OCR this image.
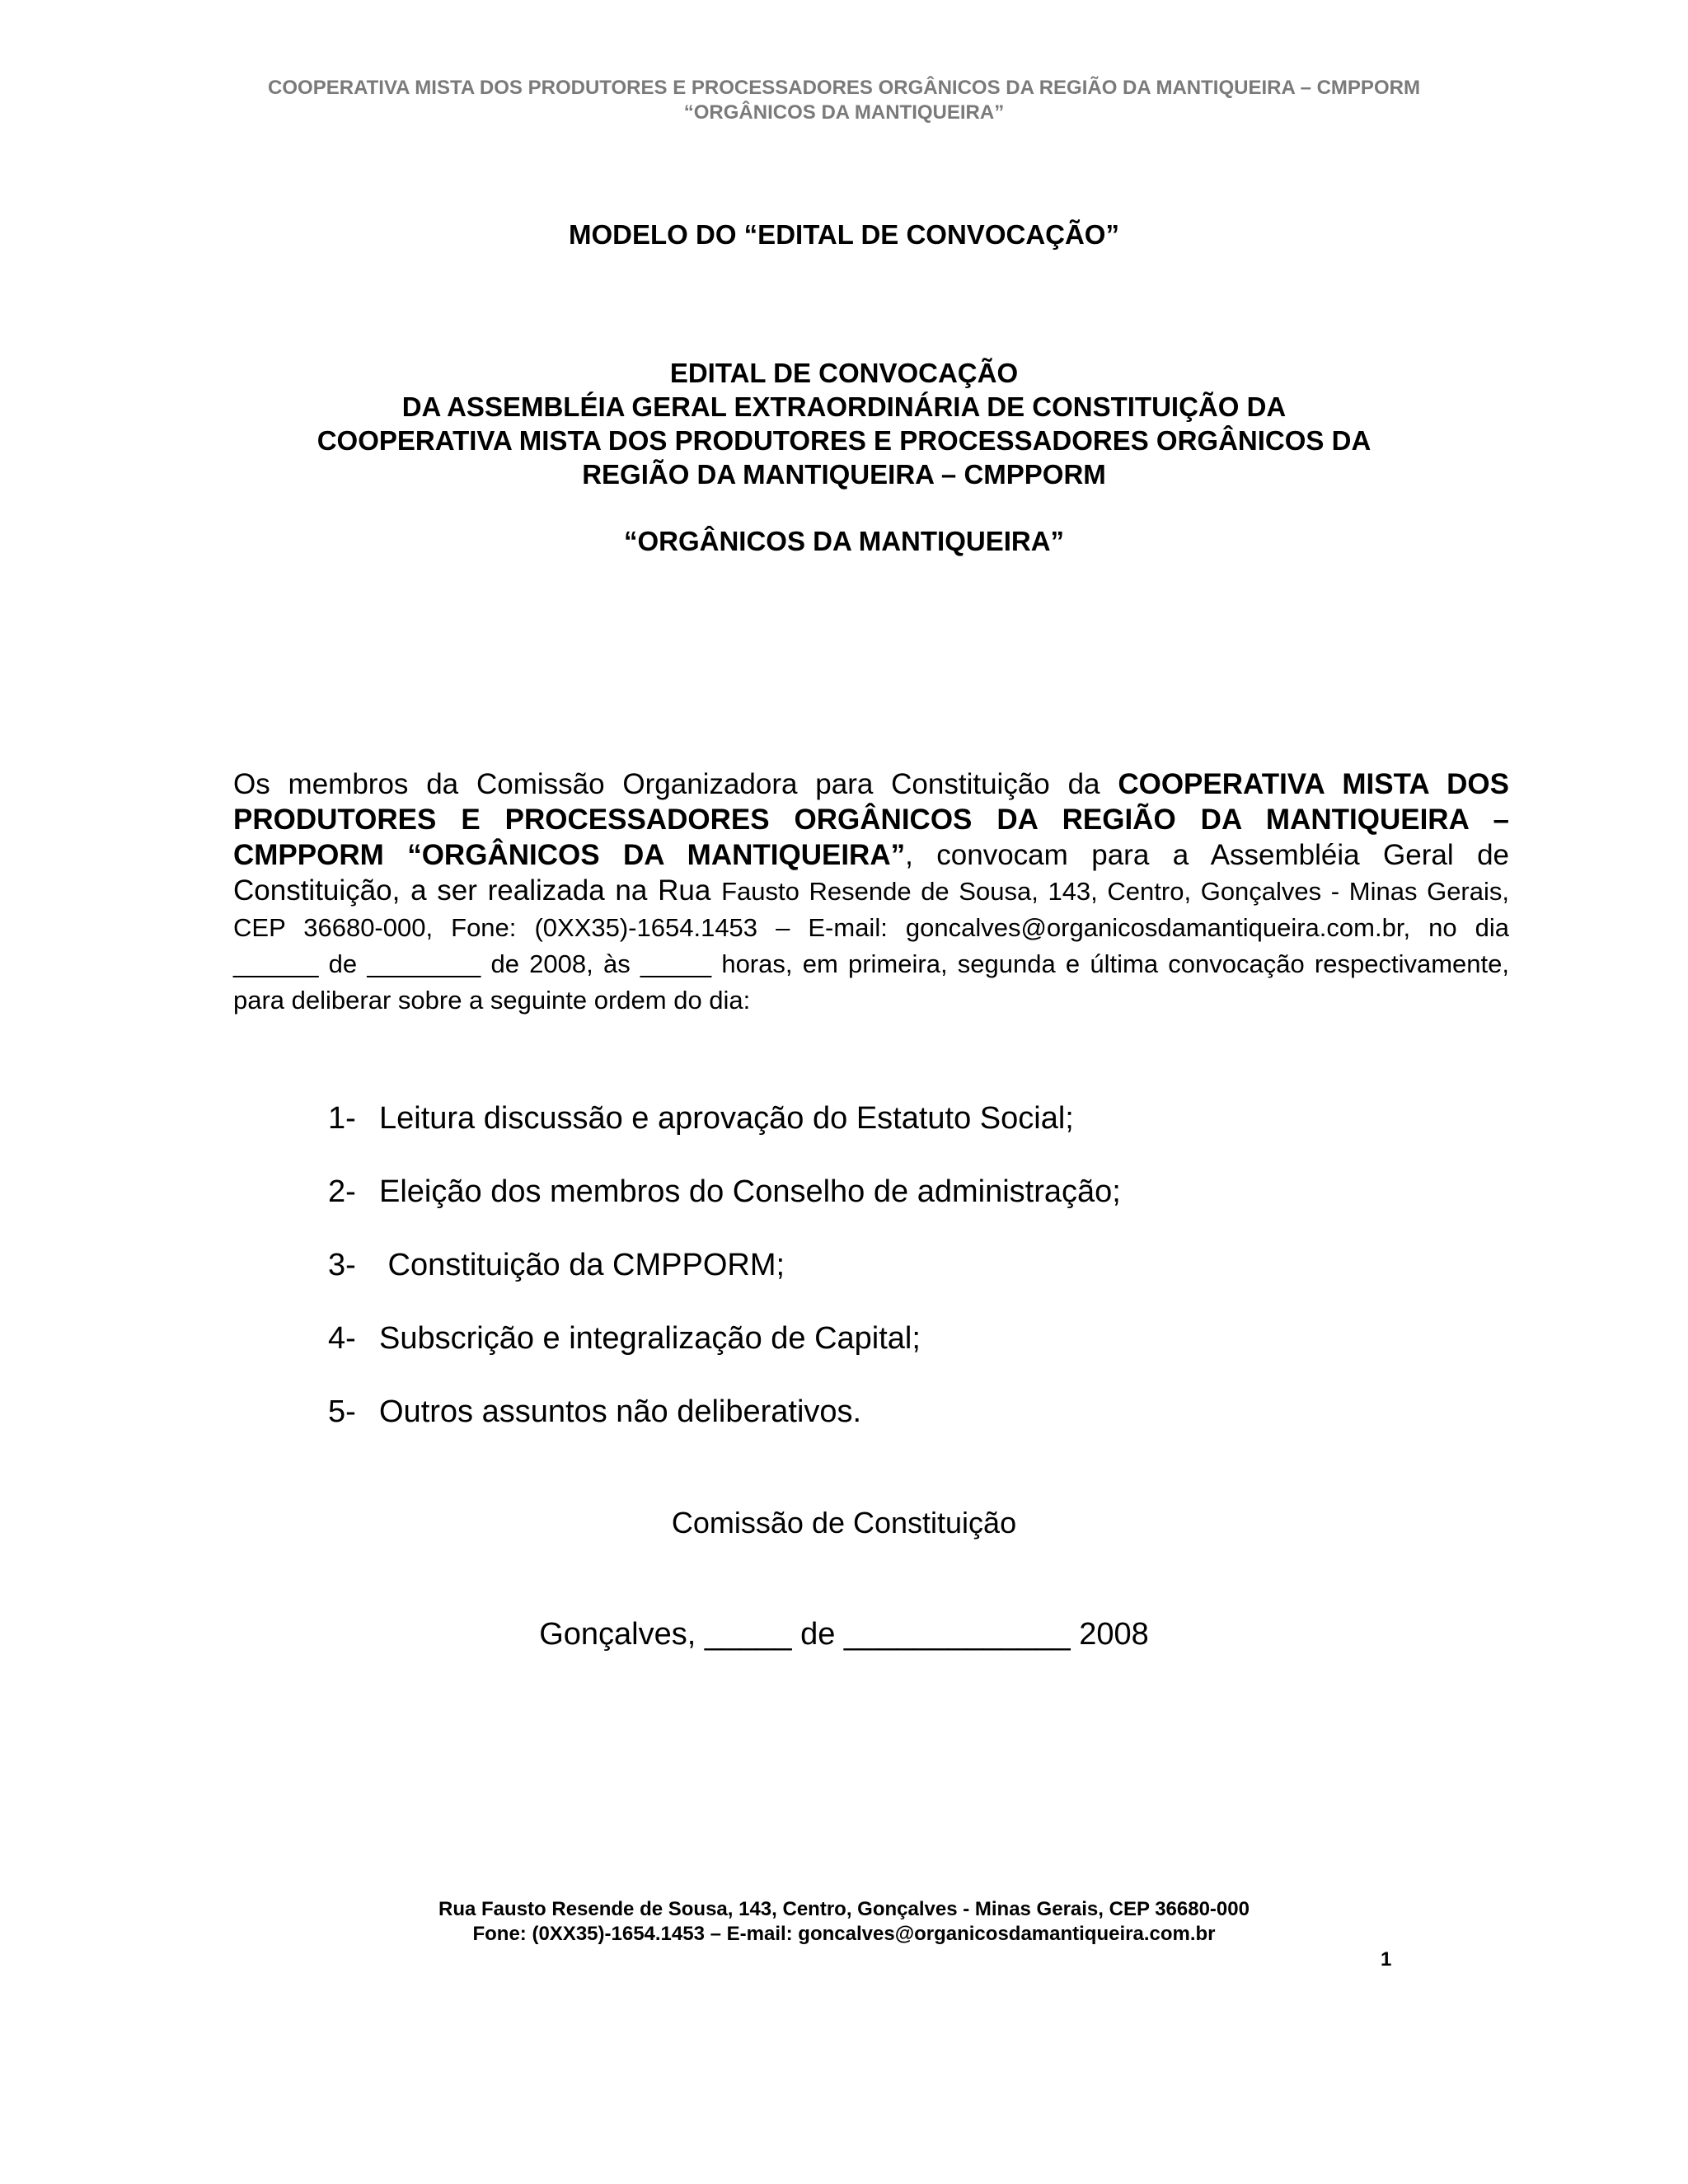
COOPERATIVA MISTA DOS PRODUTORES E PROCESSADORES ORGÂNICOS DA REGIÃO DA MANTIQUEIRA – CMPPORM
“ORGÂNICOS DA MANTIQUEIRA”
MODELO DO “EDITAL DE CONVOCAÇÃO”
EDITAL DE CONVOCAÇÃO
DA ASSEMBLÉIA GERAL EXTRAORDINÁRIA DE CONSTITUIÇÃO DA
COOPERATIVA MISTA DOS PRODUTORES E PROCESSADORES ORGÂNICOS DA
REGIÃO DA MANTIQUEIRA – CMPPORM
“ORGÂNICOS DA MANTIQUEIRA”
Os membros da Comissão Organizadora para Constituição da COOPERATIVA MISTA DOS PRODUTORES E PROCESSADORES ORGÂNICOS DA REGIÃO DA MANTIQUEIRA – CMPPORM “ORGÂNICOS DA MANTIQUEIRA”, convocam para a Assembléia Geral de Constituição, a ser realizada na Rua Fausto Resende de Sousa, 143, Centro, Gonçalves - Minas Gerais, CEP 36680-000, Fone: (0XX35)-1654.1453 – E-mail: goncalves@organicosdamantiqueira.com.br, no dia ______ de ________ de 2008, às _____ horas, em primeira, segunda e última convocação respectivamente, para deliberar sobre a seguinte ordem do dia:
1- Leitura discussão e aprovação do Estatuto Social;
2- Eleição dos membros do Conselho de administração;
3- Constituição da CMPPORM;
4- Subscrição e integralização de Capital;
5- Outros assuntos não deliberativos.
Comissão de Constituição
Gonçalves, _____ de _____________ 2008
Rua Fausto Resende de Sousa, 143, Centro, Gonçalves - Minas Gerais, CEP 36680-000
Fone: (0XX35)-1654.1453 – E-mail: goncalves@organicosdamantiqueira.com.br
1
